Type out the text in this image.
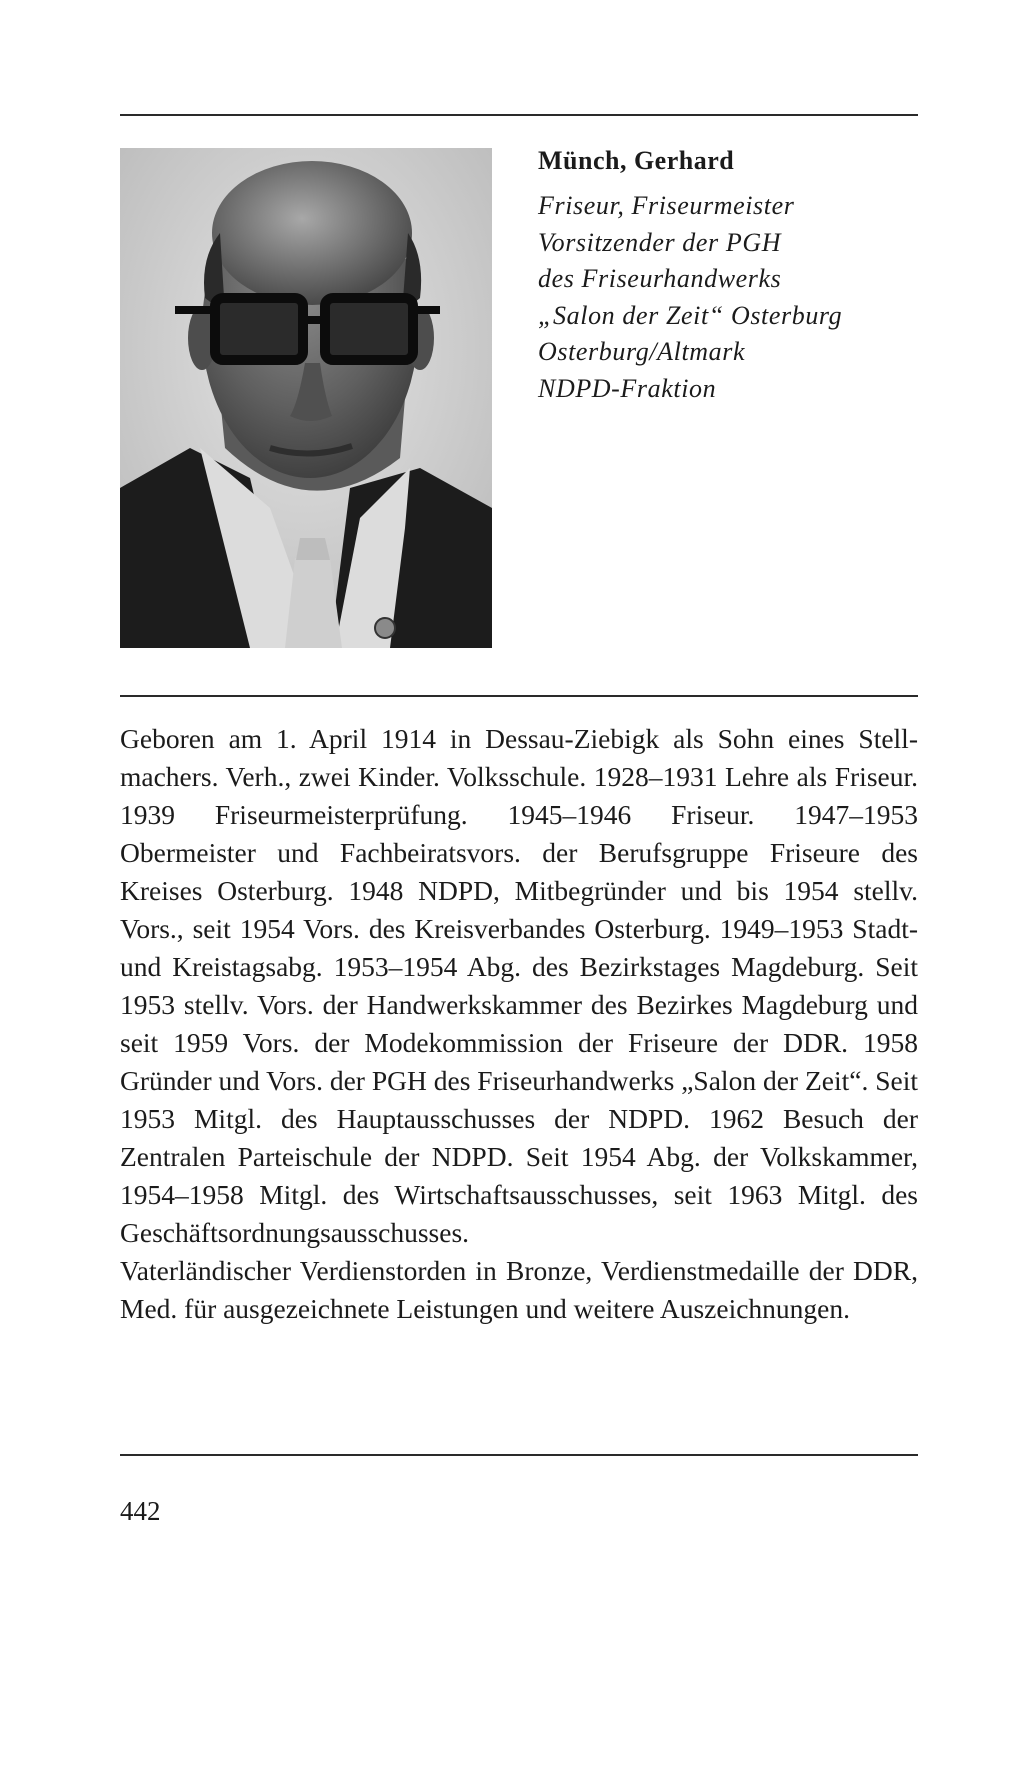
Münch, Gerhard
Friseur, Friseurmeister
Vorsitzender der PGH
des Friseurhandwerks
„Salon der Zeit“ Osterburg
Osterburg/Altmark
NDPD-Fraktion

Geboren am 1. April 1914 in Dessau-Ziebigk als Sohn eines Stellmachers. Verh., zwei Kinder. Volksschule. 1928–1931 Lehre als Friseur. 1939 Friseurmeisterprüfung. 1945–1946 Friseur. 1947–1953 Obermeister und Fachbeiratsvors. der Berufsgruppe Friseure des Kreises Osterburg. 1948 NDPD, Mitbegründer und bis 1954 stellv. Vors., seit 1954 Vors. des Kreisverbandes Osterburg. 1949–1953 Stadt- und Kreistagsabg. 1953–1954 Abg. des Bezirkstages Magdeburg. Seit 1953 stellv. Vors. der Handwerkskammer des Bezirkes Magdeburg und seit 1959 Vors. der Modekommission der Friseure der DDR. 1958 Gründer und Vors. der PGH des Friseurhandwerks „Salon der Zeit“. Seit 1953 Mitgl. des Hauptausschusses der NDPD. 1962 Besuch der Zentralen Parteischule der NDPD. Seit 1954 Abg. der Volkskammer, 1954–1958 Mitgl. des Wirtschaftsausschusses, seit 1963 Mitgl. des Geschäftsordnungsausschusses.

Vaterländischer Verdienstorden in Bronze, Verdienstmedaille der DDR, Med. für ausgezeichnete Leistungen und weitere Auszeichnungen.

442
